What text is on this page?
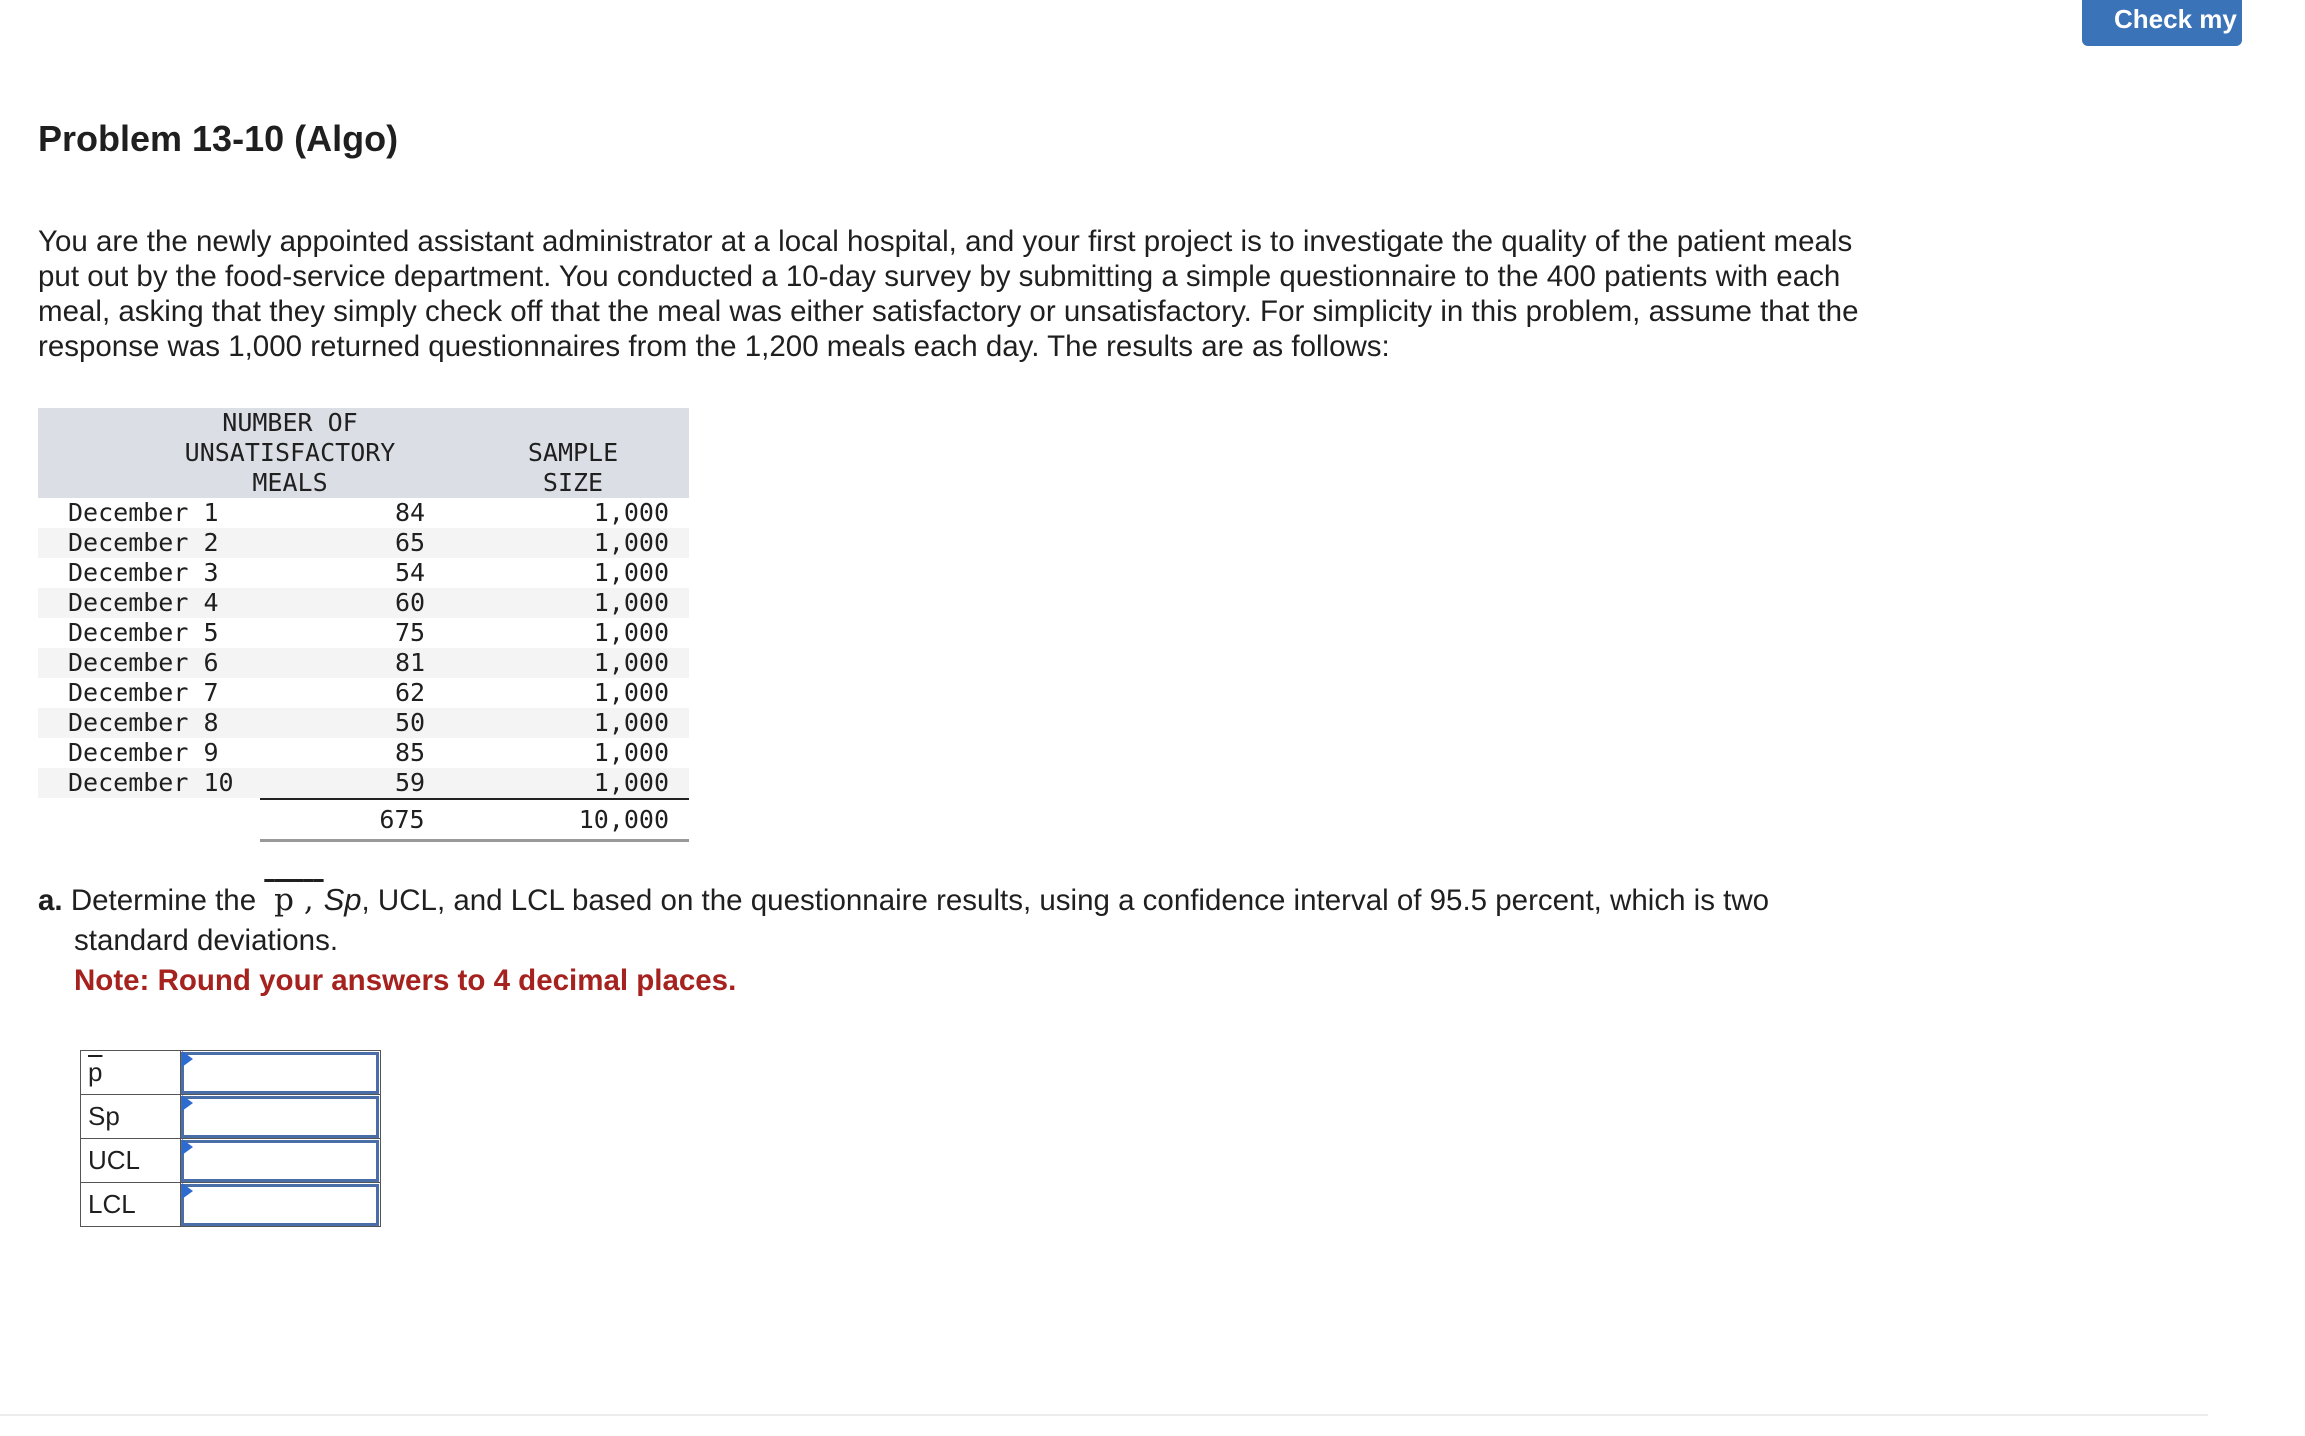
Check my work
Problem 13-10 (Algo)

You are the newly appointed assistant administrator at a local hospital, and your first project is to investigate the quality of the patient meals put out by the food-service department. You conducted a 10-day survey by submitting a simple questionnaire to the 400 patients with each meal, asking that they simply check off that the meal was either satisfactory or unsatisfactory. For simplicity in this problem, assume that the response was 1,000 returned questionnaires from the 1,200 meals each day. The results are as follows:

NUMBER OF
UNSATISFACTORY
MEALS
SAMPLE
SIZE
December 1	84	1,000
December 2	65	1,000
December 3	54	1,000
December 4	60	1,000
December 5	75	1,000
December 6	81	1,000
December 7	62	1,000
December 8	50	1,000
December 9	85	1,000
December 10	59	1,000
675	10,000
a. Determine the p , Sp, UCL, and LCL based on the questionnaire results, using a confidence interval of 95.5 percent, which is two
standard deviations.
Note: Round your answers to 4 decimal places.
$\overline{p}$	

Sp	

UCL	

LCL	
